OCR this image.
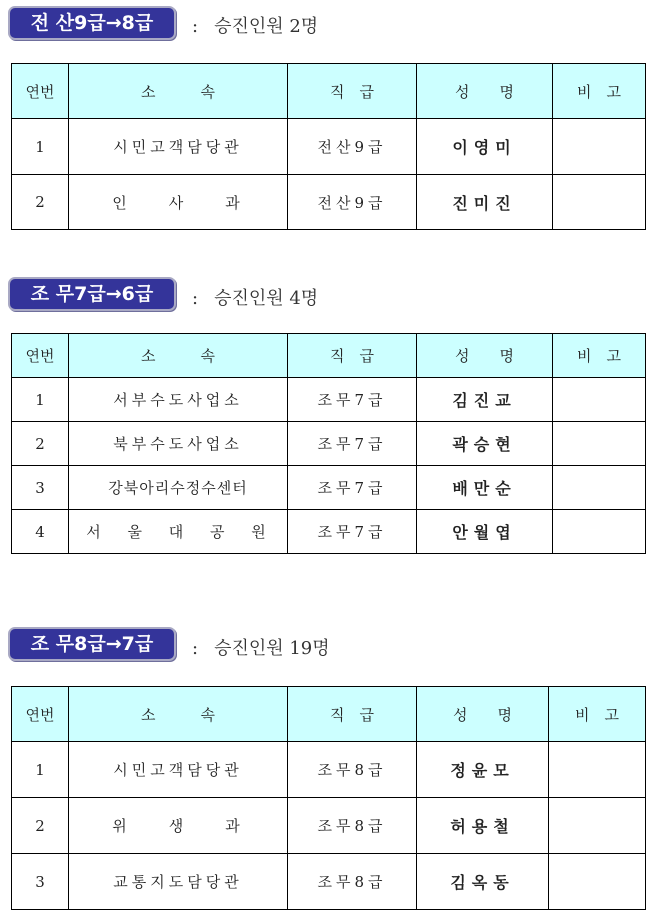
전 산9급→8급	: 승진인원 2명
연번	소　　　속	직　급	성　　명	비　고
1	시민고객담당관	전산9급	이영미	
2	인　　사　　과	전산9급	진미진	
조 무7급→6급	: 승진인원 4명
연번	소　　　속	직　급	성　　명	비　고
1	서부수도사업소	조무7급	김진교	
2	북부수도사업소	조무7급	곽승현	
3	강북아리수정수센터	조무7급	배만순	
4	서 울 대 공 원	조무7급	안월엽	
조 무8급→7급	: 승진인원 19명
연번	소　　　속	직　급	성　　명	비　고
1	시민고객담당관	조무8급	정윤모	
2	위　　생　　과	조무8급	허용철	
3	교통지도담당관	조무8급	김옥동	
